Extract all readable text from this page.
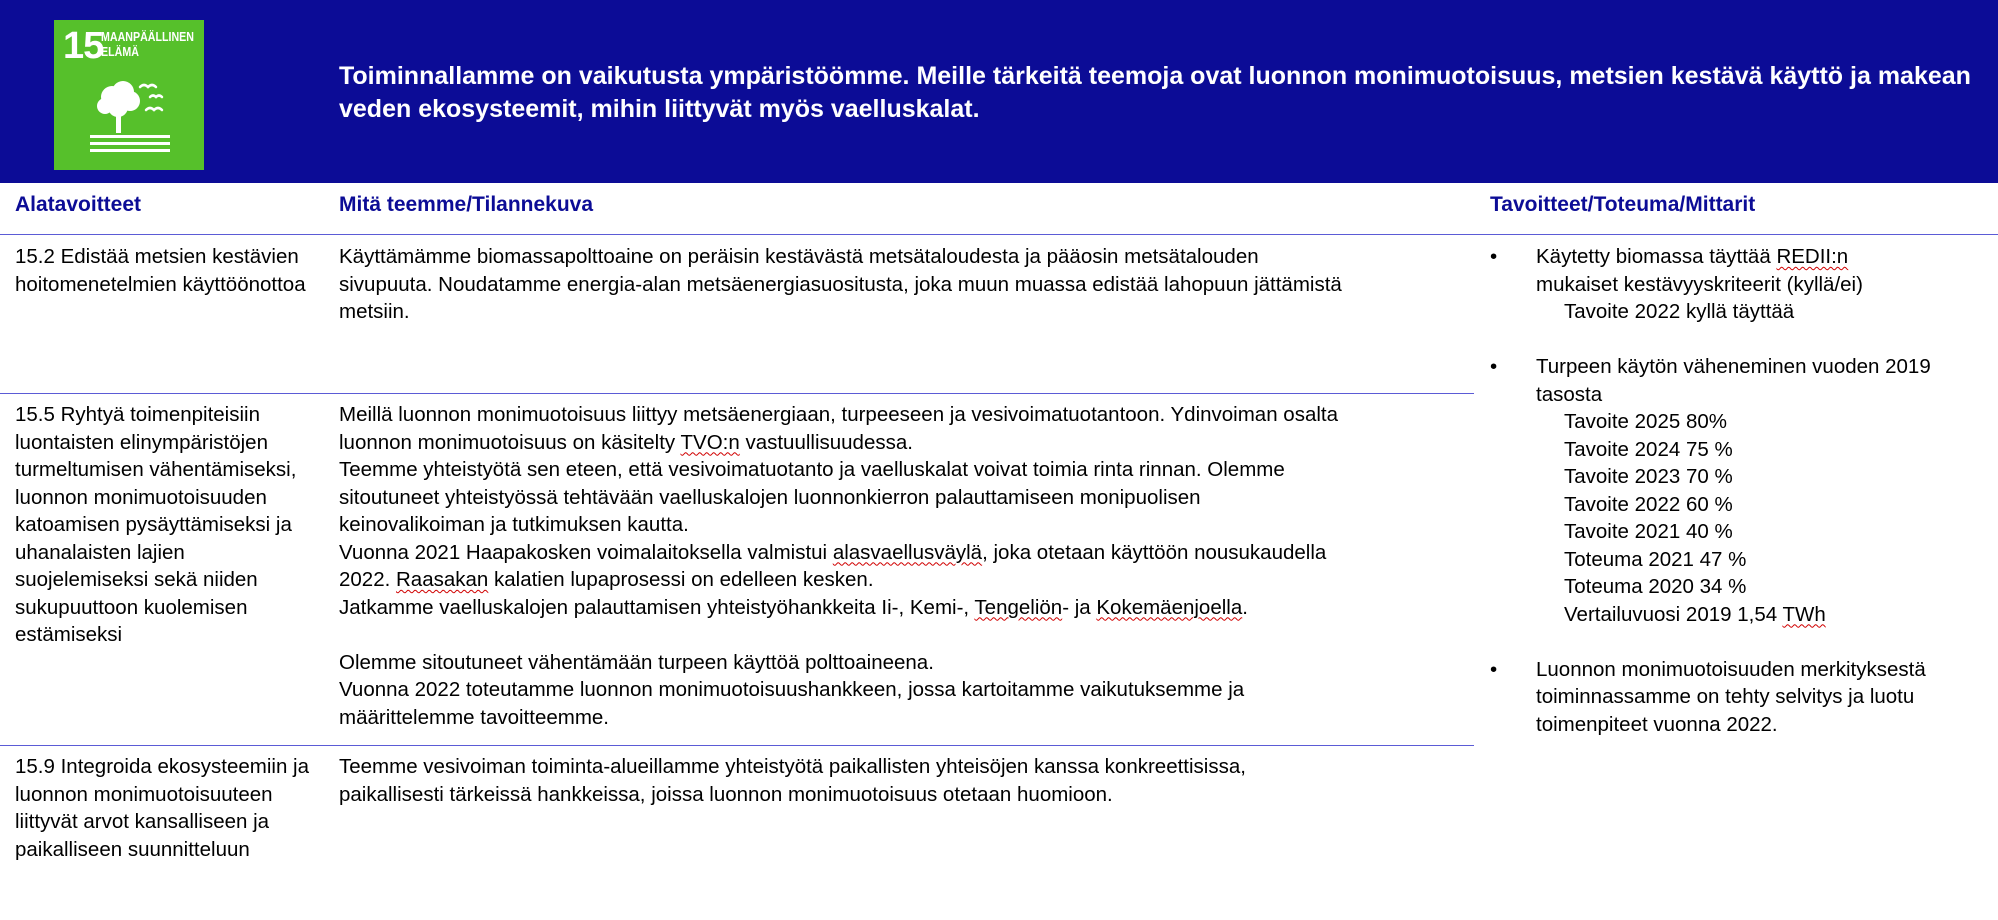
15
MAANPÄÄLLINEN
ELÄMÄ
Toiminnallamme on vaikutusta ympäristöömme. Meille tärkeitä teemoja ovat luonnon monimuotoisuus, metsien kestävä käyttö ja makean veden ekosysteemit, mihin liittyvät myös vaelluskalat.
Alatavoitteet	Mitä teemme/Tilannekuva	Tavoitteet/Toteuma/Mittarit
15.2 Edistää metsien kestävien hoitomenetelmien käyttöönottoa

Käyttämämme biomassapolttoaine on peräisin kestävästä metsätaloudesta ja pääosin metsätalouden

sivupuuta. Noudatamme energia-alan metsäenergiasuositusta, joka muun muassa edistää lahopuun jättämistä

metsiin.

15.5 Ryhtyä toimenpiteisiin luontaisten elinympäristöjen turmeltumisen vähentämiseksi, luonnon monimuotoisuuden katoamisen pysäyttämiseksi ja uhanalaisten lajien suojelemiseksi sekä niiden sukupuuttoon kuolemisen estämiseksi

Meillä luonnon monimuotoisuus liittyy metsäenergiaan, turpeeseen ja vesivoimatuotantoon. Ydinvoiman osalta

luonnon monimuotoisuus on käsitelty TVO:n vastuullisuudessa.

Teemme yhteistyötä sen eteen, että vesivoimatuotanto ja vaelluskalat voivat toimia rinta rinnan. Olemme

sitoutuneet yhteistyössä tehtävään vaelluskalojen luonnonkierron palauttamiseen monipuolisen

keinovalikoiman ja tutkimuksen kautta.

Vuonna 2021 Haapakosken voimalaitoksella valmistui alasvaellusväylä, joka otetaan käyttöön nousukaudella

2022. Raasakan kalatien lupaprosessi on edelleen kesken.

Jatkamme vaelluskalojen palauttamisen yhteistyöhankkeita Ii-, Kemi-, Tengeliön- ja Kokemäenjoella.

Olemme sitoutuneet vähentämään turpeen käyttöä polttoaineena.

Vuonna 2022 toteutamme luonnon monimuotoisuushankkeen, jossa kartoitamme vaikutuksemme ja

määrittelemme tavoitteemme.

15.9 Integroida ekosysteemiin ja luonnon monimuotoisuuteen liittyvät arvot kansalliseen ja paikalliseen suunnitteluun

Teemme vesivoiman toiminta-alueillamme yhteistyötä paikallisten yhteisöjen kanssa konkreettisissa,

paikallisesti tärkeissä hankkeissa, joissa luonnon monimuotoisuus otetaan huomioon.

• Käytetty biomassa täyttää REDII:n

mukaiset kestävyyskriteerit (kyllä/ei)

Tavoite 2022 kyllä täyttää

• Turpeen käytön väheneminen vuoden 2019

tasosta

Tavoite 2025 80%

Tavoite 2024 75 %

Tavoite 2023 70 %

Tavoite 2022 60 %

Tavoite 2021 40 %

Toteuma 2021 47 %

Toteuma 2020 34 %

Vertailuvuosi 2019 1,54 TWh

• Luonnon monimuotoisuuden merkityksestä

toiminnassamme on tehty selvitys ja luotu

toimenpiteet vuonna 2022.
